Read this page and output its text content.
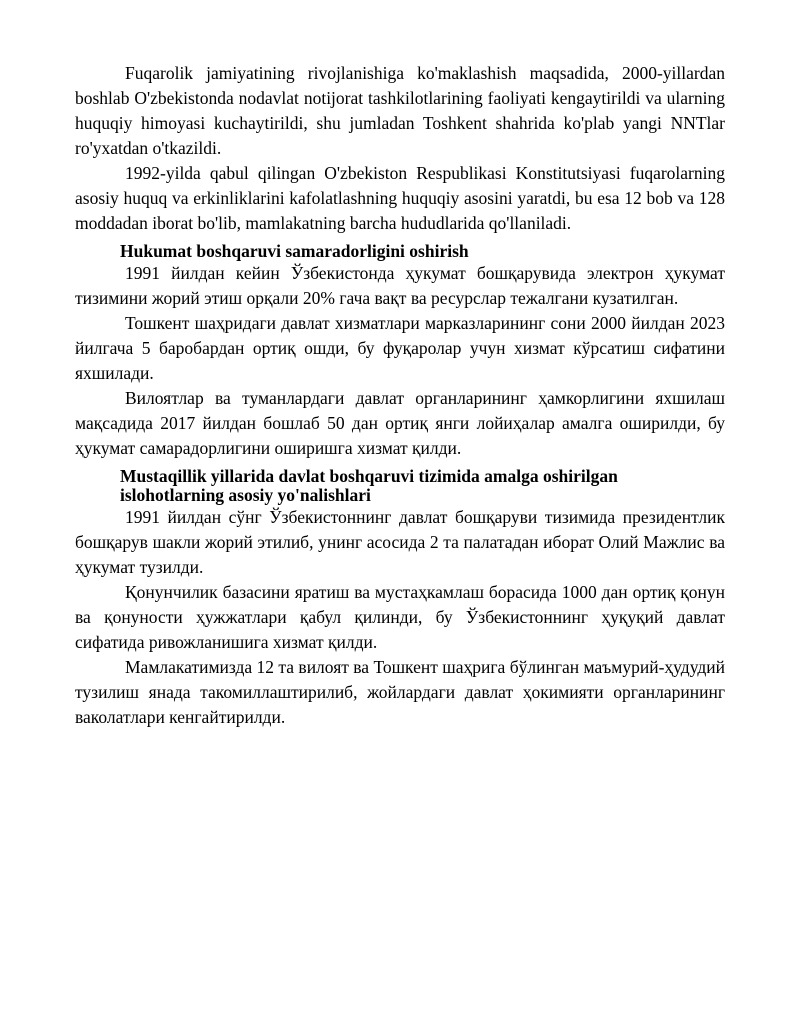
Fuqarolik jamiyatining rivojlanishiga ko'maklashish maqsadida, 2000-yillardan boshlab O'zbekistonda nodavlat notijorat tashkilotlarining faoliyati kengaytirildi va ularning huquqiy himoyasi kuchaytirildi, shu jumladan Toshkent shahrida ko'plab yangi NNTlar ro'yxatdan o'tkazildi.

1992-yilda qabul qilingan O'zbekiston Respublikasi Konstitutsiyasi fuqarolarning asosiy huquq va erkinliklarini kafolatlashning huquqiy asosini yaratdi, bu esa 12 bob va 128 moddadan iborat bo'lib, mamlakatning barcha hududlarida qo'llaniladi.

Hukumat boshqaruvi samaradorligini oshirish

1991 йилдан кейин Ўзбекистонда ҳукумат бошқарувида электрон ҳукумат тизимини жорий этиш орқали 20% гача вақт ва ресурслар тежалгани кузатилган.

Тошкент шаҳридаги давлат хизматлари марказларининг сони 2000 йилдан 2023 йилгача 5 баробардан ортиқ ошди, бу фуқаролар учун хизмат кўрсатиш сифатини яхшилади.

Вилоятлар ва туманлардаги давлат органларининг ҳамкорлигини яхшилаш мақсадида 2017 йилдан бошлаб 50 дан ортиқ янги лойиҳалар амалга оширилди, бу ҳукумат самарадорлигини оширишга хизмат қилди.

Mustaqillik yillarida davlat boshqaruvi tizimida amalga oshirilgan islohotlarning asosiy yo'nalishlari

1991 йилдан сўнг Ўзбекистоннинг давлат бошқаруви тизимида президентлик бошқарув шакли жорий этилиб, унинг асосида 2 та палатадан иборат Олий Мажлис ва ҳукумат тузилди.

Қонунчилик базасини яратиш ва мустаҳкамлаш борасида 1000 дан ортиқ қонун ва қонуности ҳужжатлари қабул қилинди, бу Ўзбекистоннинг ҳуқуқий давлат сифатида ривожланишига хизмат қилди.

Мамлакатимизда 12 та вилоят ва Тошкент шаҳрига бўлинган маъмурий-ҳудудий тузилиш янада такомиллаштирилиб, жойлардаги давлат ҳокимияти органларининг ваколатлари кенгайтирилди.
